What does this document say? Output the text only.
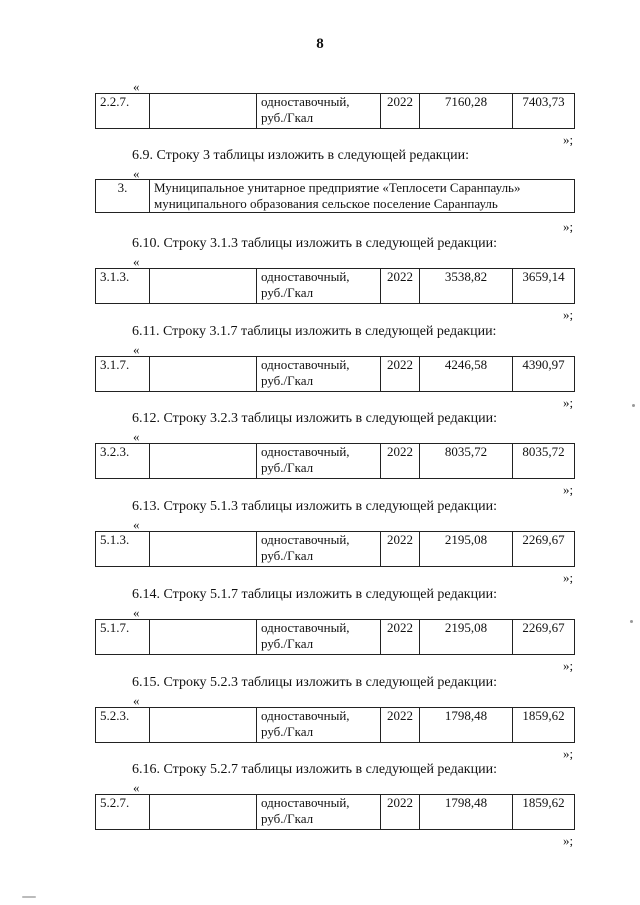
8
«
2.2.7.		одноставочный, руб./Гкал	2022	7160,28	7403,73
»;
6.9. Строку 3 таблицы изложить в следующей редакции:
«
3.	Муниципальное унитарное предприятие «Теплосети Саранпауль» муниципального образования сельское поселение Саранпауль
»;
6.10. Строку 3.1.3 таблицы изложить в следующей редакции:
«
3.1.3.		одноставочный, руб./Гкал	2022	3538,82	3659,14
»;
6.11. Строку 3.1.7 таблицы изложить в следующей редакции:
«
3.1.7.		одноставочный, руб./Гкал	2022	4246,58	4390,97
»;
6.12. Строку 3.2.3 таблицы изложить в следующей редакции:
«
3.2.3.		одноставочный, руб./Гкал	2022	8035,72	8035,72
»;
6.13. Строку 5.1.3 таблицы изложить в следующей редакции:
«
5.1.3.		одноставочный, руб./Гкал	2022	2195,08	2269,67
»;
6.14. Строку 5.1.7 таблицы изложить в следующей редакции:
«
5.1.7.		одноставочный, руб./Гкал	2022	2195,08	2269,67
»;
6.15. Строку 5.2.3 таблицы изложить в следующей редакции:
«
5.2.3.		одноставочный, руб./Гкал	2022	1798,48	1859,62
»;
6.16. Строку 5.2.7 таблицы изложить в следующей редакции:
«
5.2.7.		одноставочный, руб./Гкал	2022	1798,48	1859,62
»;
